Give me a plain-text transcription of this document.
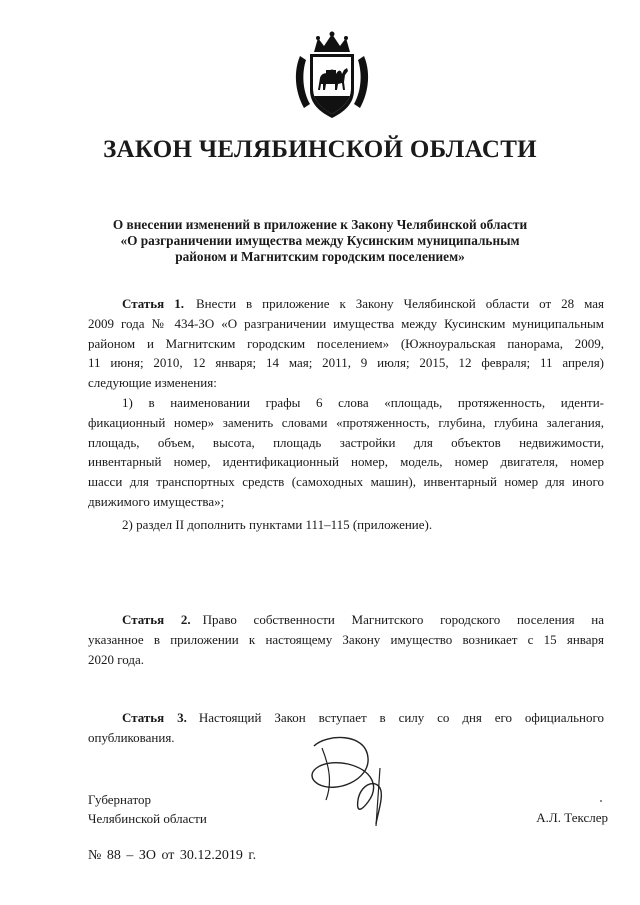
ЗАКОН ЧЕЛЯБИНСКОЙ ОБЛАСТИ
О внесении изменений в приложение к Закону Челябинской области
«О разграничении имущества между Кусинским муниципальным
районом и Магнитским городским поселением»
Статья 1. Внести в приложение к Закону Челябинской области от 28 мая
2009 года № 434-ЗО «О разграничении имущества между Кусинским муниципальным
районом и Магнитским городским поселением» (Южноуральская панорама, 2009,
11 июня; 2010, 12 января; 14 мая; 2011, 9 июля; 2015, 12 февраля; 11 апреля)
следующие изменения:
1) в наименовании графы 6 слова «площадь, протяженность, иденти-
фикационный номер» заменить словами «протяженность, глубина, глубина залегания,
площадь, объем, высота, площадь застройки для объектов недвижимости,
инвентарный номер, идентификационный номер, модель, номер двигателя, номер
шасси для транспортных средств (самоходных машин), инвентарный номер для иного
движимого имущества»;
2) раздел II дополнить пунктами 111–115 (приложение).
Статья 2. Право собственности Магнитского городского поселения на
указанное в приложении к настоящему Закону имущество возникает с 15 января
2020 года.
Статья 3. Настоящий Закон вступает в силу со дня его официального
опубликования.
Губернатор
Челябинской области	А.Л. Текслер
№ 88 – ЗО от 30.12.2019 г.
